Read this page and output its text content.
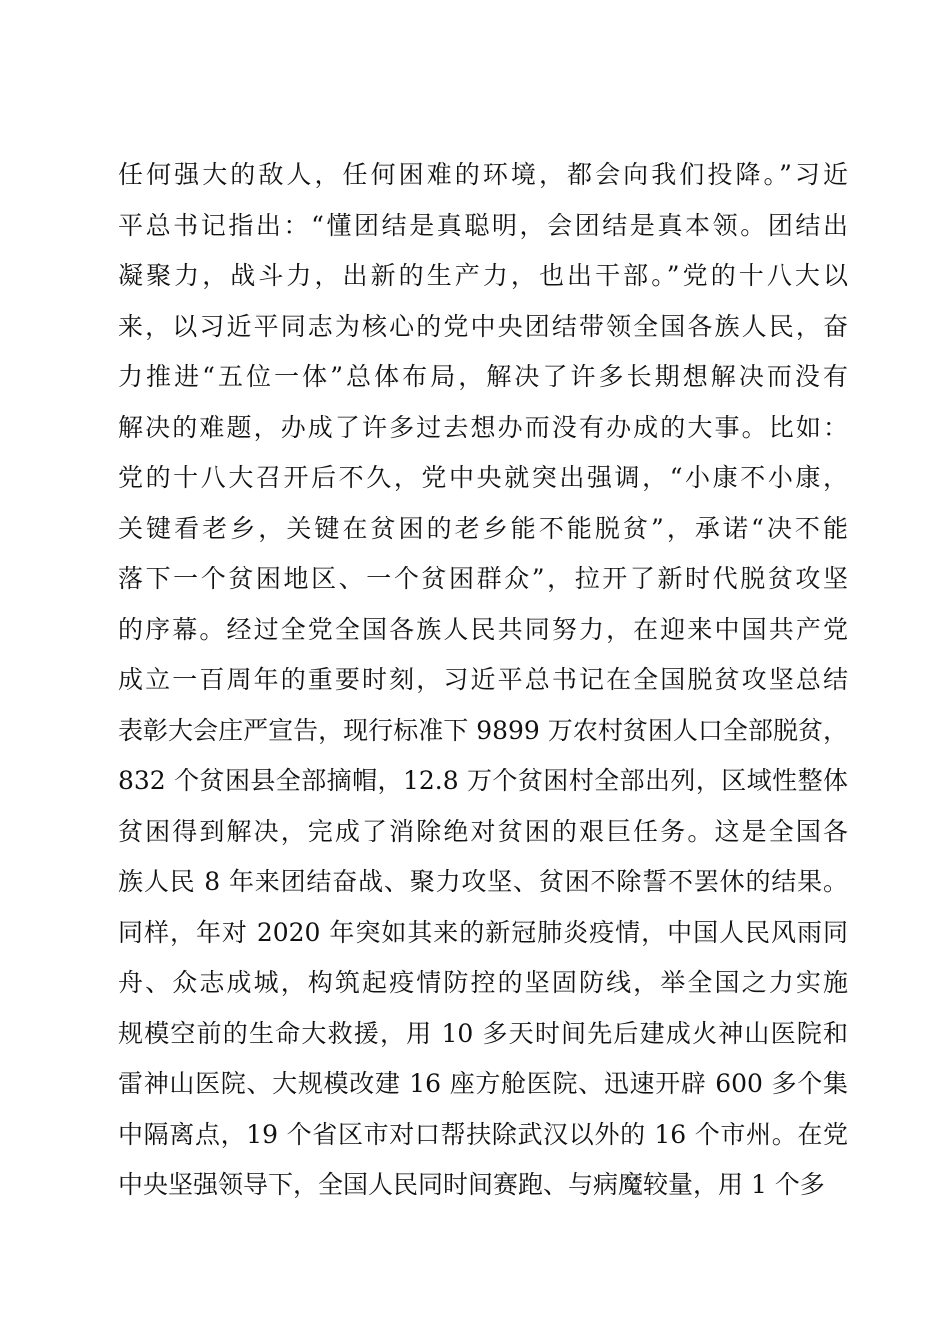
任何强大的敌人，任何困难的环境，都会向我们投降。”习近
平总书记指出：“懂团结是真聪明，会团结是真本领。团结出
凝聚力，战斗力，出新的生产力，也出干部。”党的十八大以
来，以习近平同志为核心的党中央团结带领全国各族人民，奋
力推进“五位一体”总体布局，解决了许多长期想解决而没有
解决的难题，办成了许多过去想办而没有办成的大事。比如：
党的十八大召开后不久，党中央就突出强调，“小康不小康，
关键看老乡，关键在贫困的老乡能不能脱贫”，承诺“决不能
落下一个贫困地区、一个贫困群众”，拉开了新时代脱贫攻坚
的序幕。经过全党全国各族人民共同努力，在迎来中国共产党
成立一百周年的重要时刻，习近平总书记在全国脱贫攻坚总结
表彰大会庄严宣告，现行标准下 9899 万农村贫困人口全部脱贫，
832 个贫困县全部摘帽，12.8 万个贫困村全部出列，区域性整体
贫困得到解决，完成了消除绝对贫困的艰巨任务。这是全国各
族人民 8 年来团结奋战、聚力攻坚、贫困不除誓不罢休的结果。
同样，年对 2020 年突如其来的新冠肺炎疫情，中国人民风雨同
舟、众志成城，构筑起疫情防控的坚固防线，举全国之力实施
规模空前的生命大救援，用 10 多天时间先后建成火神山医院和
雷神山医院、大规模改建 16 座方舱医院、迅速开辟 600 多个集
中隔离点，19 个省区市对口帮扶除武汉以外的 16 个市州。在党
中央坚强领导下，全国人民同时间赛跑、与病魔较量，用 1 个多
